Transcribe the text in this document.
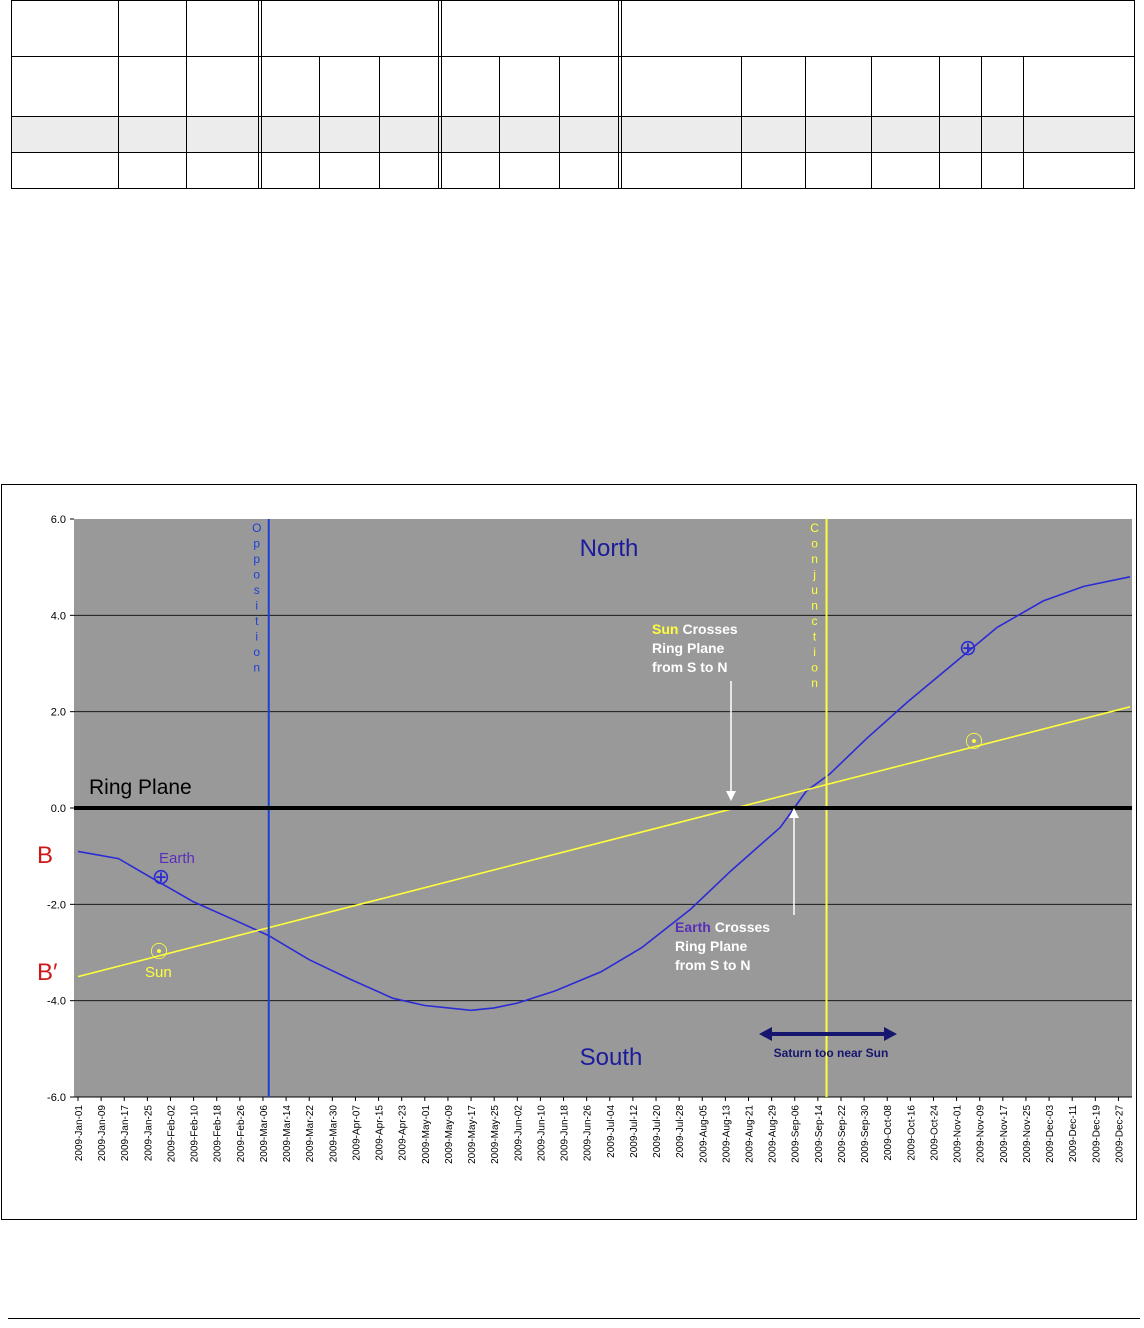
6.0
4.0
2.0
0.0
-2.0
-4.0
-6.0
2009-Jan-01 2009-Jan-09 2009-Jan-17 2009-Jan-25 2009-Feb-02 2009-Feb-10 2009-Feb-18 2009-Feb-26 2009-Mar-06 2009-Mar-14 2009-Mar-22 2009-Mar-30 2009-Apr-07 2009-Apr-15 2009-Apr-23 2009-May-01 2009-May-09 2009-May-17 2009-May-25 2009-Jun-02 2009-Jun-10 2009-Jun-18 2009-Jun-26 2009-Jul-04 2009-Jul-12 2009-Jul-20 2009-Jul-28 2009-Aug-05 2009-Aug-13 2009-Aug-21 2009-Aug-29 2009-Sep-06 2009-Sep-14 2009-Sep-22 2009-Sep-30 2009-Oct-08 2009-Oct-16 2009-Oct-24 2009-Nov-01 2009-Nov-09 2009-Nov-17 2009-Nov-25 2009-Dec-03 2009-Dec-11 2009-Dec-19 2009-Dec-27
O
p
p
o
s
i
t
i
o
n
C
o
n
j
u
n
c
t
i
o
n
North
South
Ring Plane
B
B′
Earth
Sun
⊕
⊕
☉
☉
Sun Crosses
Ring Plane
from S to N
Earth Crosses
Ring Plane
from S to N
Saturn too near Sun
